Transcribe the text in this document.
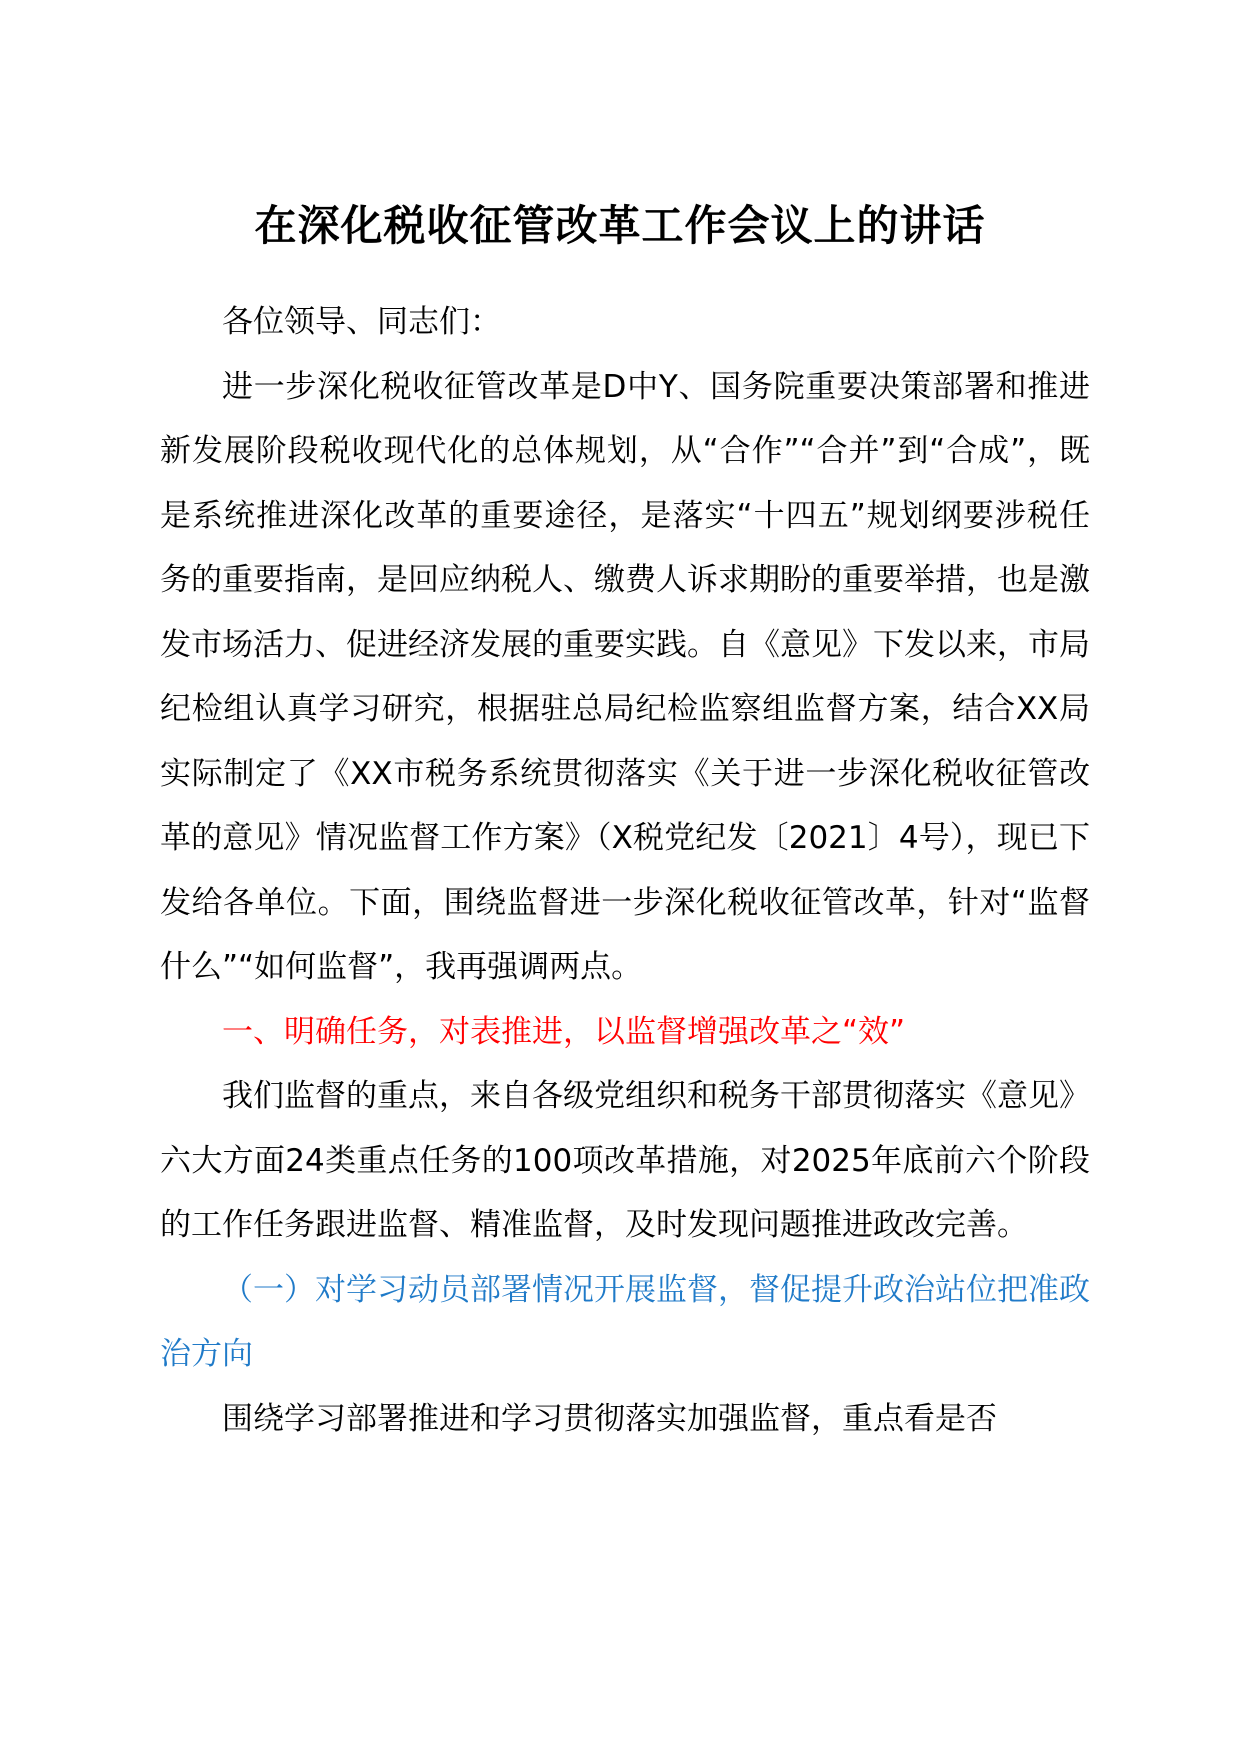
在深化税收征管改革工作会议上的讲话

各位领导、同志们：

进一步深化税收征管改革是D中Y、国务院重要决策部署和推进新发展阶段税收现代化的总体规划，从“合作”“合并”到“合成”，既是系统推进深化改革的重要途径，是落实“十四五”规划纲要涉税任务的重要指南，是回应纳税人、缴费人诉求期盼的重要举措，也是激发市场活力、促进经济发展的重要实践。自《意见》下发以来，市局纪检组认真学习研究，根据驻总局纪检监察组监督方案，结合XX局实际制定了《XX市税务系统贯彻落实《关于进一步深化税收征管改革的意见》情况监督工作方案》（X税党纪发〔2021〕4号），现已下发给各单位。下面，围绕监督进一步深化税收征管改革，针对“监督什么”“如何监督”，我再强调两点。

一、明确任务，对表推进，以监督增强改革之“效”

我们监督的重点，来自各级党组织和税务干部贯彻落实《意见》六大方面24类重点任务的100项改革措施，对2025年底前六个阶段的工作任务跟进监督、精准监督，及时发现问题推进政改完善。

（一）对学习动员部署情况开展监督，督促提升政治站位把准政治方向

围绕学习部署推进和学习贯彻落实加强监督，重点看是否
